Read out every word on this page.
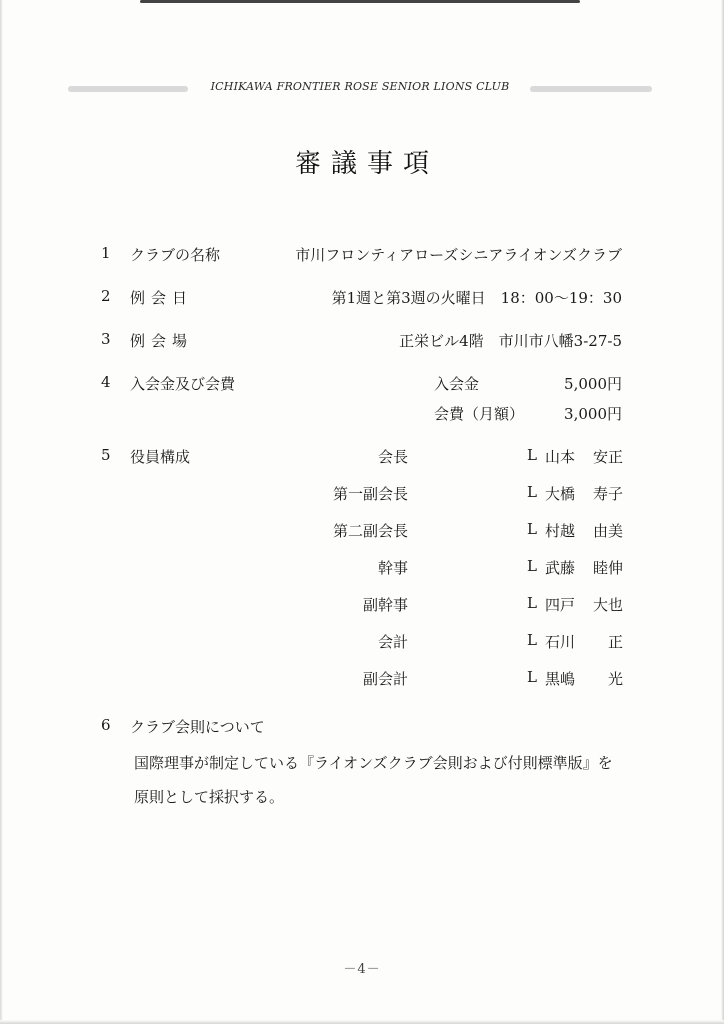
ICHIKAWA FRONTIER ROSE SENIOR LIONS CLUB
審議事項
1 クラブの名称	市川フロンティアローズシニアライオンズクラブ
2 例会日	第1週と第3週の火曜日　18：00〜19：30
3 例会場	正栄ビル4階　市川市八幡3-27-5
4 入会金及び会費	入会金	5,000円
会費（月額）	3,000円
5 役員構成	会長	L 山本 安正
第一副会長	L 大橋 寿子
第二副会長	L 村越 由美
幹事	L 武藤 睦伸
副幹事	L 四戸 大也
会計	L 石川 正
副会計	L 黒嶋 光
6 クラブ会則について
国際理事が制定している『ライオンズクラブ会則および付則標準版』を
原則として採択する。
－4－
